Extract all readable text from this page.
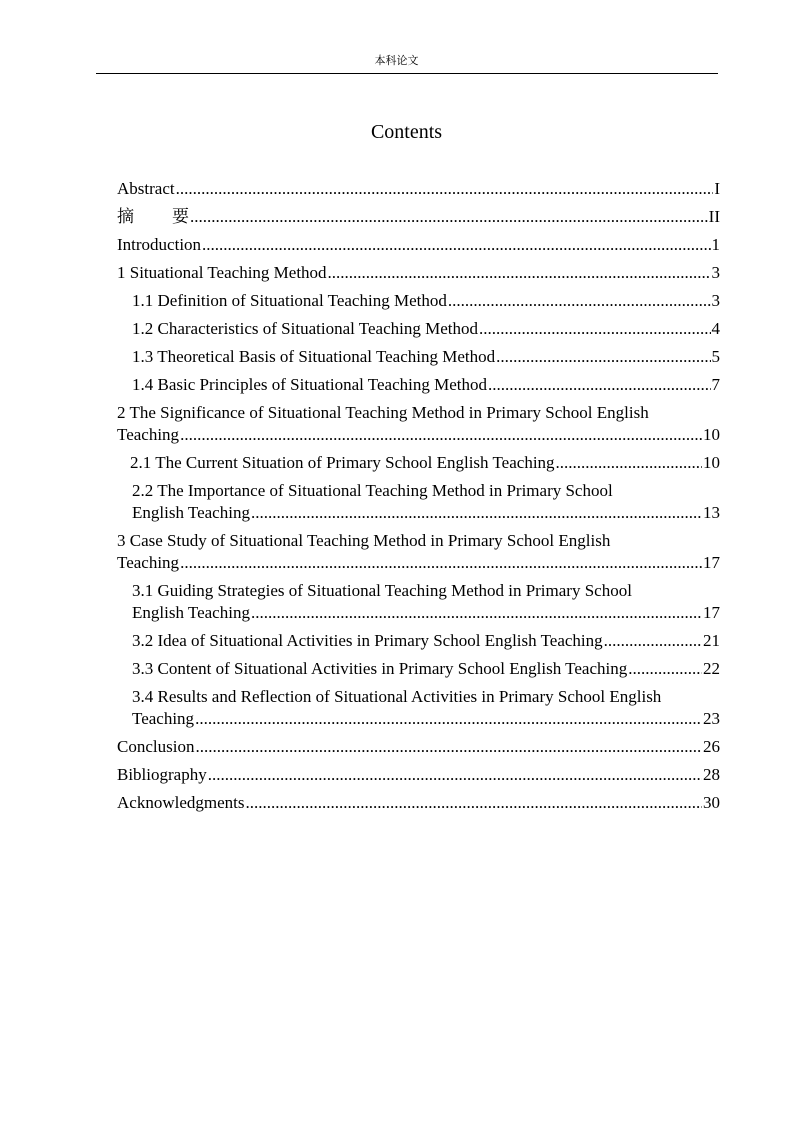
本科论文
Contents
Abstract .....	I
摘 要 .....	II
Introduction .....	1
1 Situational Teaching Method .....	3
1.1 Definition of Situational Teaching Method .....	3
1.2 Characteristics of Situational Teaching Method .....	4
1.3 Theoretical Basis of Situational Teaching Method .....	5
1.4 Basic Principles of Situational Teaching Method .....	7
2 The Significance of Situational Teaching Method in Primary School English
Teaching .....	10
2.1 The Current Situation of Primary School English Teaching .....	10
2.2 The Importance of Situational Teaching Method in Primary School
English Teaching .....	13
3 Case Study of Situational Teaching Method in Primary School English
Teaching .....	17
3.1 Guiding Strategies of Situational Teaching Method in Primary School
English Teaching .....	17
3.2 Idea of Situational Activities in Primary School English Teaching .....	21
3.3 Content of Situational Activities in Primary School English Teaching .....	22
3.4 Results and Reflection of Situational Activities in Primary School English
Teaching .....	23
Conclusion .....	26
Bibliography .....	28
Acknowledgments .....	30
